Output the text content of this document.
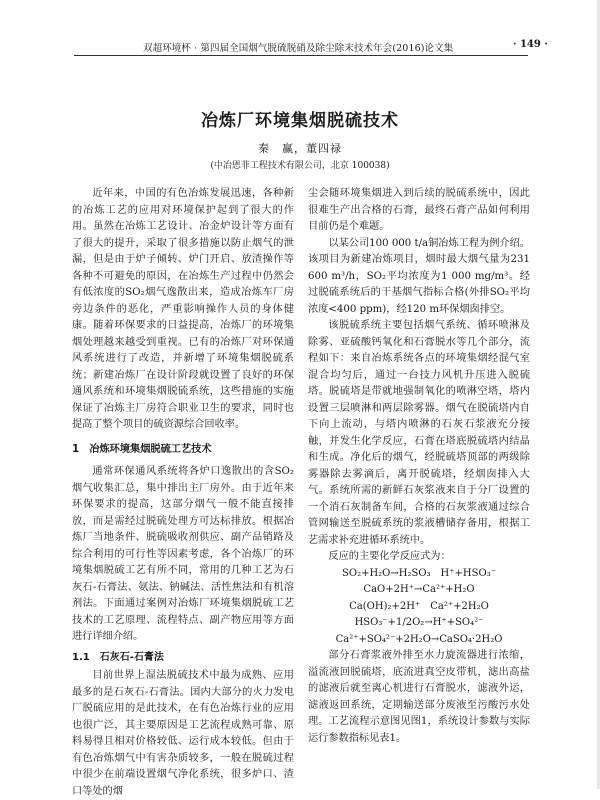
双超环境杯 · 第四届全国烟气脱硫脱硝及除尘除末技术年会(2016)论文集	· 149 ·
冶炼厂环境集烟脱硫技术
秦　赢，董四禄
(中冶恩菲工程技术有限公司，北京 100038)

近年来，中国的有色冶炼发展迅速，各种新的冶炼工艺的应用对环境保护起到了很大的作用。虽然在冶炼工艺设计、冶金炉设计等方面有了很大的提升，采取了很多措施以防止烟气的泄漏，但是由于炉子倾转、炉门开启、放渣操作等各种不可避免的原因，在冶炼生产过程中仍然会有低浓度的SO₂烟气逸散出来，造成冶炼车厂房旁边条件的恶化，严重影响操作人员的身体健康。随着环保要求的日益提高，冶炼厂的环境集烟处理越来越受到重视。已有的冶炼厂对环保通风系统进行了改造，并新增了环境集烟脱硫系统；新建冶炼厂在设计阶段就设置了良好的环保通风系统和环境集烟脱硫系统，这些措施的实施保证了冶炼主厂房符合职业卫生的要求，同时也提高了整个项目的硫资源综合回收率。

1　冶炼环境集烟脱硫工艺技术

通常环保通风系统将各炉口逸散出的含SO₂烟气收集汇总，集中排出主厂房外。由于近年来环保要求的提高，这部分烟气一般不能直接排放，而是需经过脱硫处理方可达标排放。根据冶炼厂当地条件、脱硫吸收剂供应、副产品销路及综合利用的可行性等因素考虑，各个冶炼厂的环境集烟脱硫工艺有所不同，常用的几种工艺为石灰石-石膏法、氨法、钠碱法、活性焦法和有机溶剂法。下面通过案例对冶炼厂环境集烟脱硫工艺技术的工艺原理、流程特点、副产物应用等方面进行详细介绍。

1.1　石灰石-石膏法

目前世界上湿法脱硫技术中最为成熟、应用最多的是石灰石-石膏法。国内大部分的火力发电厂脱硫应用的是此技术，在有色冶炼行业的应用也很广泛，其主要原因是工艺流程成熟可靠、原料易得且相对价格较低、运行成本较低。但由于有色冶炼烟气中有害杂质较多，一般在脱硫过程中很少在前端设置烟气净化系统，很多炉口、渣口等处的烟

尘会随环境集烟进入到后续的脱硫系统中，因此很难生产出合格的石膏，最终石膏产品如何利用目前仍是个难题。

以某公司100 000 t/a铜冶炼工程为例介绍。该项目为新建冶炼项目，烟时最大烟气量为231 600 m³/h，SO₂平均浓度为1 000 mg/m³。经过脱硫系统后的干基烟气指标合格(外排SO₂平均浓度<400 ppm)，经120 m环保烟囱排空。

该脱硫系统主要包括烟气系统、循环喷淋及除雾、亚硫酸钙氧化和石膏脱水等几个部分，流程如下：来自冶炼系统各点的环境集烟经混气室混合均匀后，通过一台技力风机升压进入脱硫塔。脱硫塔是带就地强制氧化的喷淋空塔，塔内设置三层喷淋和两层除雾器。烟气在脱硫塔内自下向上流动，与塔内喷淋的石灰石浆液充分接触，并发生化学反应，石膏在塔底脱硫塔内结晶和生成。净化后的烟气，经脱硫塔顶部的两级除雾器除去雾滴后，离开脱硫塔，经烟囱排入大气。系统所需的新鲜石灰浆液来自于分厂设置的一个消石灰制备车间，合格的石灰浆液通过综合管网输送至脱硫系统的浆液槽储存备用，根据工艺需求补充进循环系统中。

反应的主要化学反应式为：

SO₂+H₂O→H₂SO₃　H⁺+HSO₃⁻
CaO+2H⁺→Ca²⁺+H₂O
Ca(OH)₂+2H⁺　Ca²⁺+2H₂O
HSO₃⁻+1/2O₂→H⁺+SO₄²⁻
Ca²⁺+SO₄²⁻+2H₂O→CaSO₄·2H₂O

部分石膏浆液外排至水力旋流器进行浓缩，溢流液回脱硫塔，底流进真空皮带机，滤出高盐的滤液后就至离心机进行石膏脱水，滤液外运，滤液返回系统，定期输送部分废液至污酸污水处理。工艺流程示意图见图1，系统设计参数与实际运行参数指标见表1。
